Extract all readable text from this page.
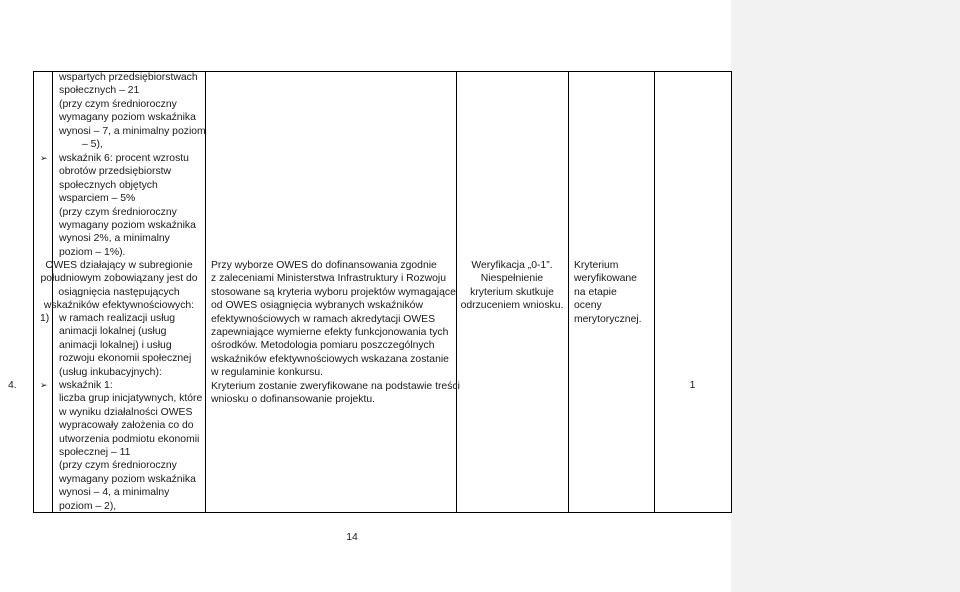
4.
wspartych przedsiębiorstwach
społecznych – 21
(przy czym średnioroczny
wymagany poziom wskaźnika
wynosi – 7, a minimalny poziom
– 5),
➢ wskaźnik 6: procent wzrostu
obrotów przedsiębiorstw
społecznych objętych
wsparciem – 5%
(przy czym średnioroczny
wymagany poziom wskaźnika
wynosi 2%, a minimalny
poziom – 1%).
OWES działający w subregionie
południowym zobowiązany jest do
osiągnięcia następujących
wskaźników efektywnościowych:
1) w ramach realizacji usług
animacji lokalnej (usług
animacji lokalnej) i usług
rozwoju ekonomii społecznej
(usług inkubacyjnych):
➢ wskaźnik 1:
liczba grup inicjatywnych, które
w wyniku działalności OWES
wypracowały założenia co do
utworzenia podmiotu ekonomii
społecznej – 11
(przy czym średnioroczny
wymagany poziom wskaźnika
wynosi – 4, a minimalny
poziom – 2),
Przy wyborze OWES do dofinansowania zgodnie
z zaleceniami Ministerstwa Infrastruktury i Rozwoju
stosowane są kryteria wyboru projektów wymagające
od OWES osiągnięcia wybranych wskaźników
efektywnościowych w ramach akredytacji OWES
zapewniające wymierne efekty funkcjonowania tych
ośrodków. Metodologia pomiaru poszczególnych
wskaźników efektywnościowych wskazana zostanie
w regulaminie konkursu.
Kryterium zostanie zweryfikowane na podstawie treści
wniosku o dofinansowanie projektu.
Weryfikacja „0-1”.
Niespełnienie
kryterium skutkuje
odrzuceniem wniosku.
Kryterium
weryfikowane
na etapie
oceny
merytorycznej.
1
14
